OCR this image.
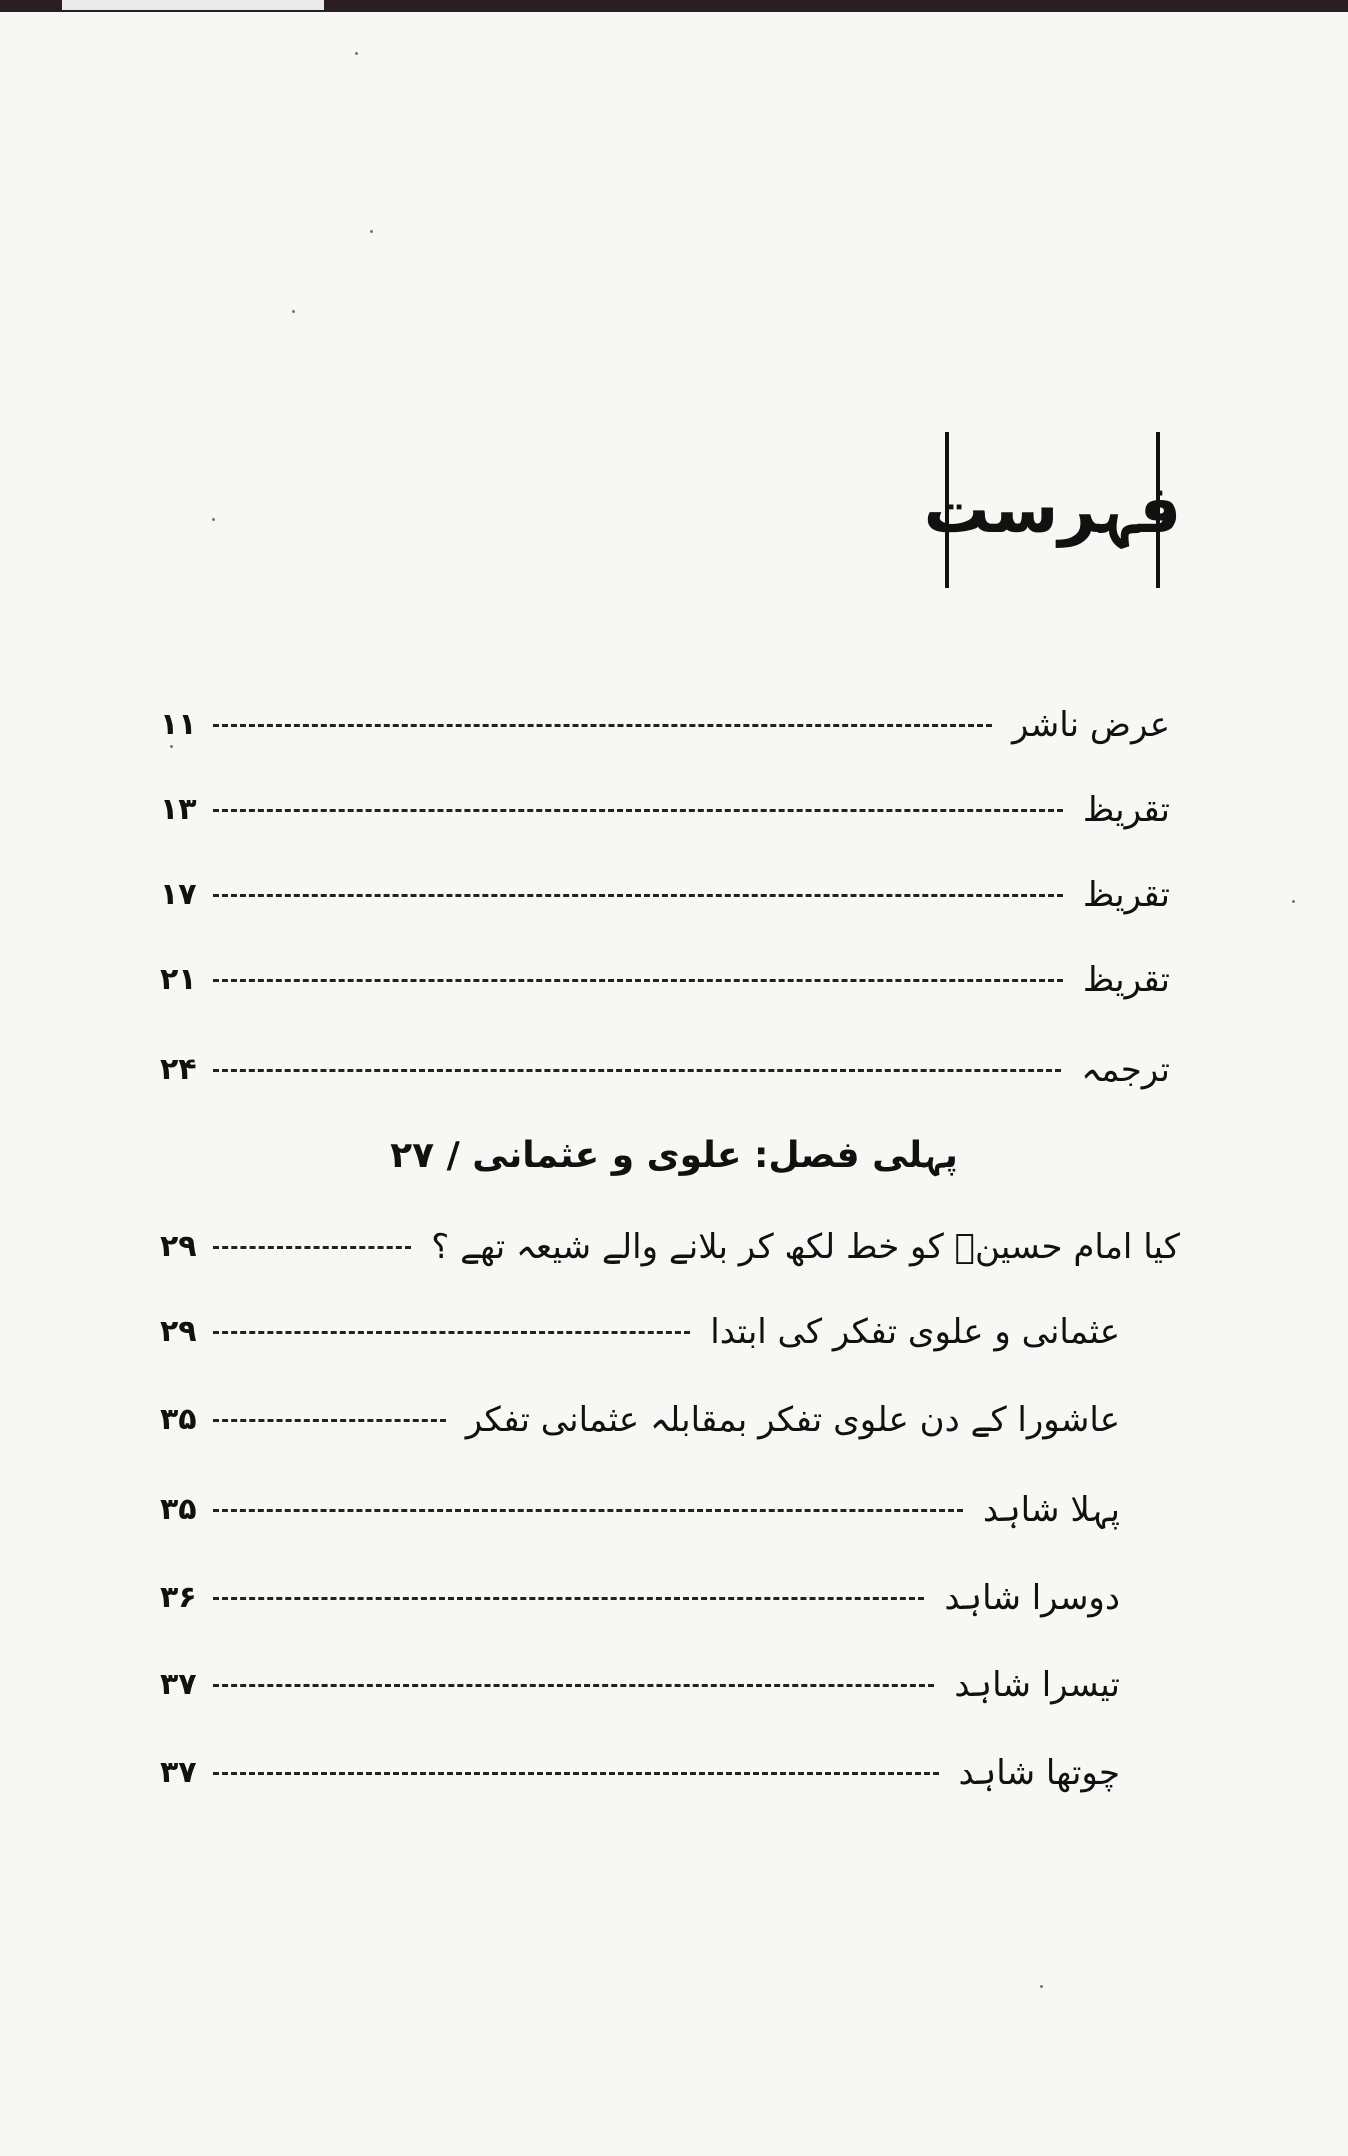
فہرست
عرض ناشر
۱۱
تقریظ
۱۳
تقریظ
۱۷
تقریظ
۲۱
ترجمہ
۲۴
پہلی فصل: علوی و عثمانی / ۲۷
کیا امام حسینؑ کو خط لکھ کر بلانے والے شیعہ تھے ؟
۲۹
عثمانی و علوی تفکر کی ابتدا
۲۹
عاشورا کے دن علوی تفکر بمقابلہ عثمانی تفکر
۳۵
پہلا شاہد
۳۵
دوسرا شاہد
۳۶
تیسرا شاہد
۳۷
چوتھا شاہد
۳۷
